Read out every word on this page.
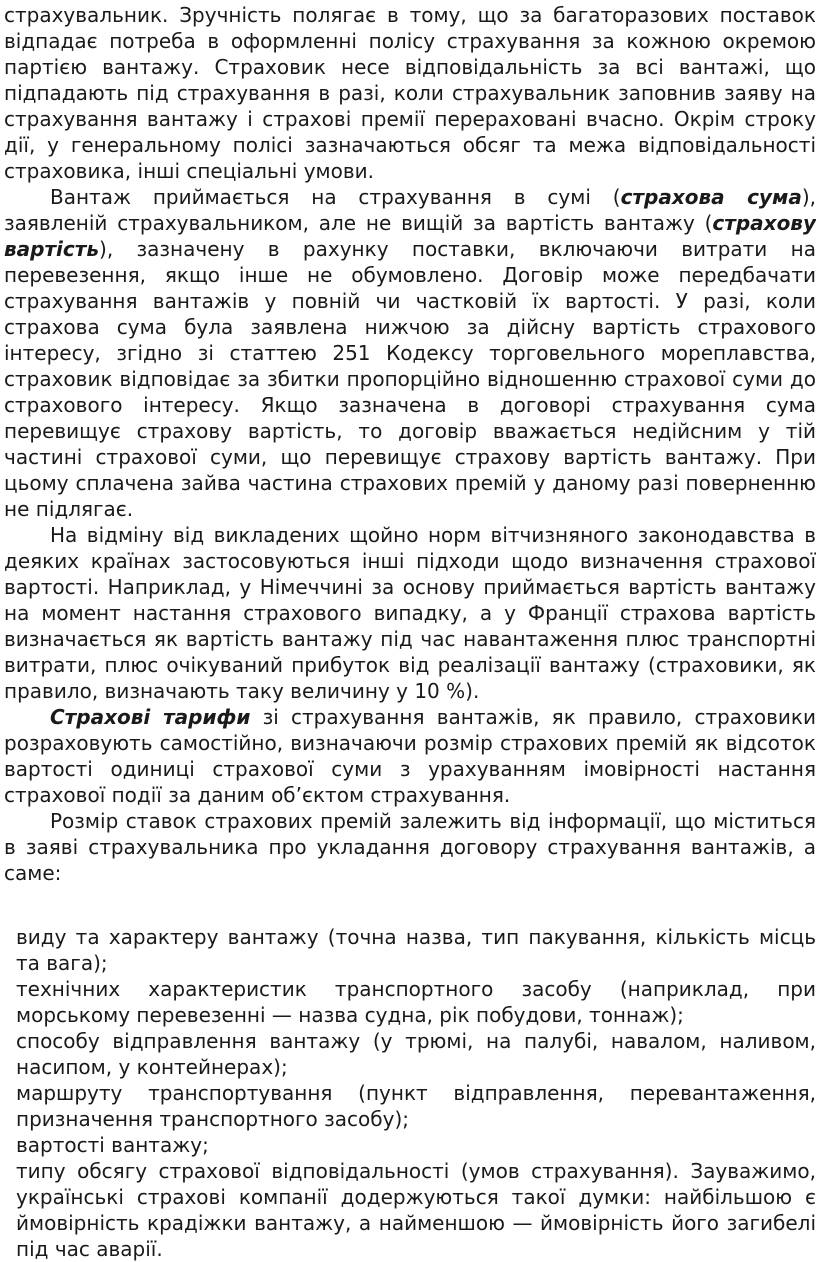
страхувальник. Зручність полягає в тому, що за багаторазових поставок відпадає потреба в оформленні полісу страхування за кожною окремою партією вантажу. Страховик несе відповідальність за всі вантажі, що підпадають під страхування в разі, коли страхувальник заповнив заяву на страхування вантажу і страхові премії перераховані вчасно. Окрім строку дії, у генеральному полісі зазначаються обсяг та межа відповідальності страховика, інші спеціальні умови.

Вантаж приймається на страхування в сумі (страхова сума), заявленій страхувальником, але не вищій за вартість вантажу (страхову вартість), зазначену в рахунку поставки, включаючи витрати на перевезення, якщо інше не обумовлено. Договір може передбачати страхування вантажів у повній чи частковій їх вартості. У разі, коли страхова сума була заявлена нижчою за дійсну вартість страхового інтересу, згідно зі статтею 251 Кодексу торговельного мореплавства, страховик відповідає за збитки пропорційно відношенню страхової суми до страхового інтересу. Якщо зазначена в договорі страхування сума перевищує страхову вартість, то договір вважається недійсним у тій частині страхової суми, що перевищує страхову вартість вантажу. При цьому сплачена зайва частина страхових премій у даному разі поверненню не підлягає.

На відміну від викладених щойно норм вітчизняного законодавства в деяких країнах застосовуються інші підходи щодо визначення страхової вартості. Наприклад, у Німеччині за основу приймається вартість вантажу на момент настання страхового випадку, а у Франції страхова вартість визначається як вартість вантажу під час навантаження плюс транспортні витрати, плюс очікуваний прибуток від реалізації вантажу (страховики, як правило, визначають таку величину у 10 %).

Страхові тарифи зі страхування вантажів, як правило, страховики розраховують самостійно, визначаючи розмір страхових премій як відсоток вартості одиниці страхової суми з урахуванням імовірності настання страхової події за даним об’єктом страхування.

Розмір ставок страхових премій залежить від інформації, що міститься в заяві страхувальника про укладання договору страхування вантажів, а саме:

виду та характеру вантажу (точна назва, тип пакування, кількість місць та вага);

технічних характеристик транспортного засобу (наприклад, при морському перевезенні — назва судна, рік побудови, тоннаж);

способу відправлення вантажу (у трюмі, на палубі, навалом, наливом, насипом, у контейнерах);

маршруту транспортування (пункт відправлення, перевантаження, призначення транспортного засобу);

вартості вантажу;

типу обсягу страхової відповідальності (умов страхування). Зауважимо, українські страхові компанії додержуються такої думки: найбільшою є ймовірність крадіжки вантажу, а найменшою — ймовірність його загибелі під час аварії.
